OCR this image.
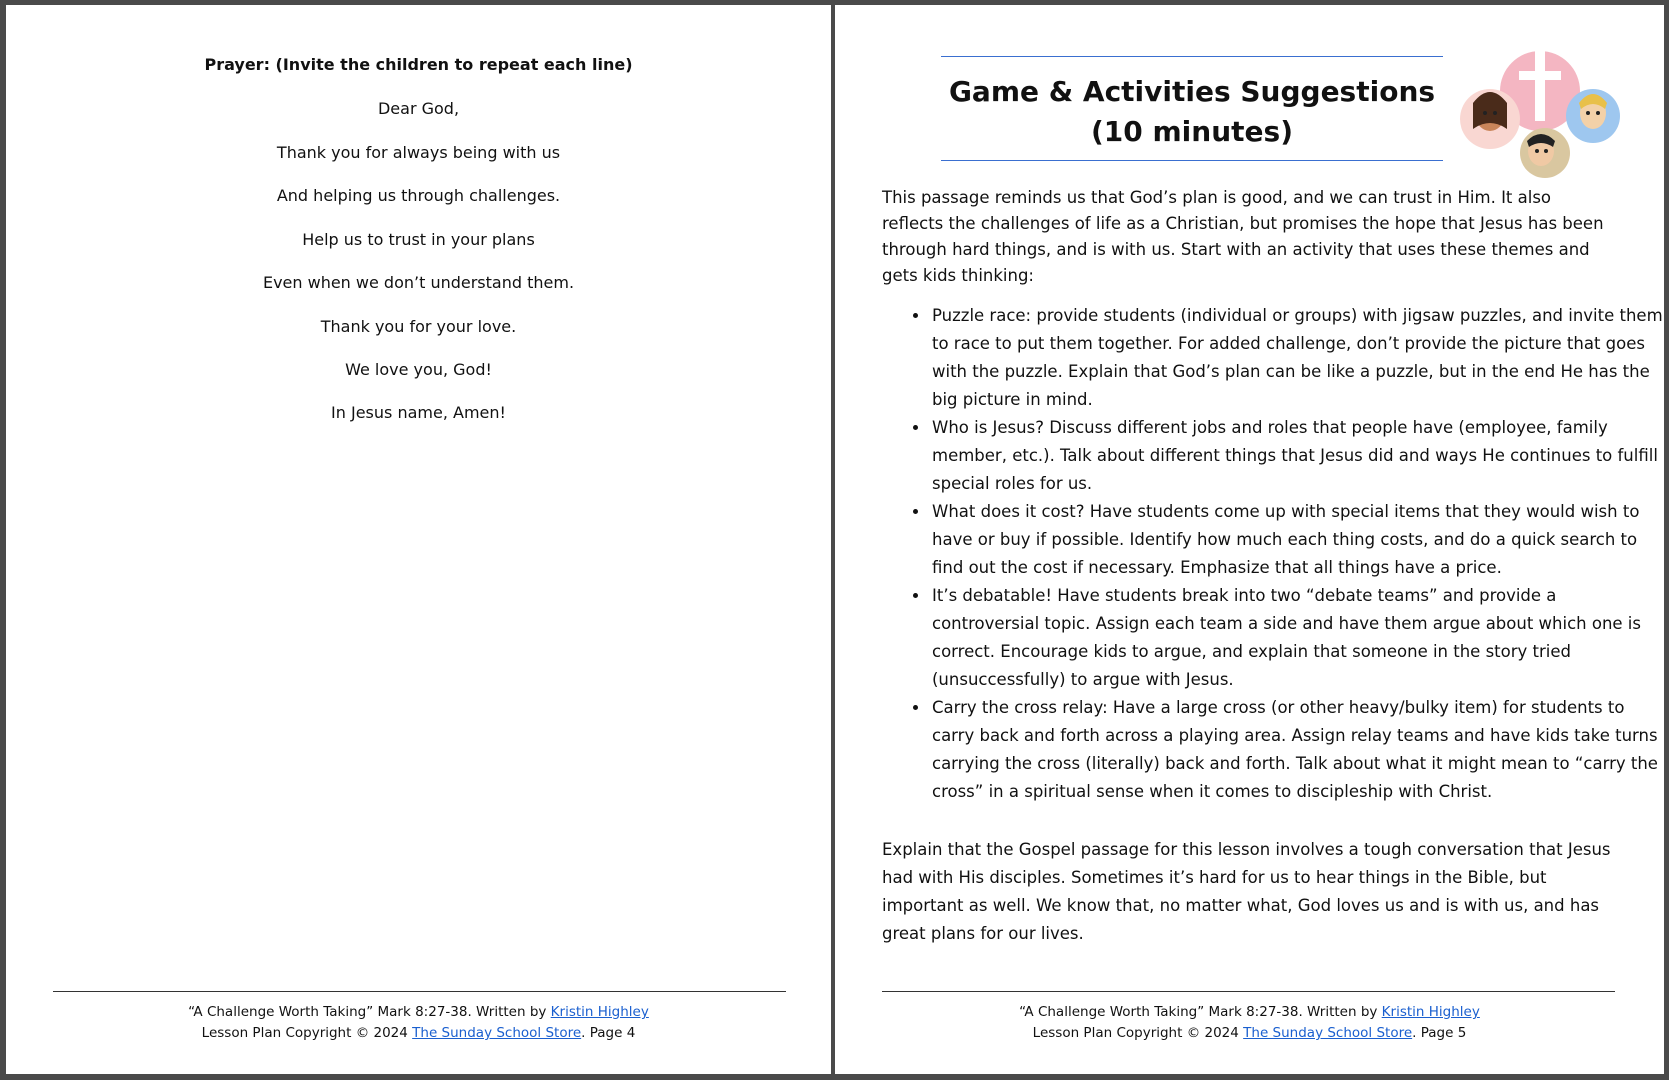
Prayer: (Invite the children to repeat each line)

Dear God,

Thank you for always being with us

And helping us through challenges.

Help us to trust in your plans

Even when we don’t understand them.

Thank you for your love.

We love you, God!

In Jesus name, Amen!

“A Challenge Worth Taking” Mark 8:27-38. Written by Kristin Highley
Lesson Plan Copyright © 2024 The Sunday School Store. Page 4

Game & Activities Suggestions
(10 minutes)

This passage reminds us that God’s plan is good, and we can trust in Him. It also reflects the challenges of life as a Christian, but promises the hope that Jesus has been through hard things, and is with us. Start with an activity that uses these themes and gets kids thinking:

• Puzzle race: provide students (individual or groups) with jigsaw puzzles, and invite them to race to put them together. For added challenge, don’t provide the picture that goes with the puzzle. Explain that God’s plan can be like a puzzle, but in the end He has the big picture in mind.
• Who is Jesus? Discuss different jobs and roles that people have (employee, family member, etc.). Talk about different things that Jesus did and ways He continues to fulfill special roles for us.
• What does it cost? Have students come up with special items that they would wish to have or buy if possible. Identify how much each thing costs, and do a quick search to find out the cost if necessary. Emphasize that all things have a price.
• It’s debatable! Have students break into two “debate teams” and provide a controversial topic. Assign each team a side and have them argue about which one is correct. Encourage kids to argue, and explain that someone in the story tried (unsuccessfully) to argue with Jesus.
• Carry the cross relay: Have a large cross (or other heavy/bulky item) for students to carry back and forth across a playing area. Assign relay teams and have kids take turns carrying the cross (literally) back and forth. Talk about what it might mean to “carry the cross” in a spiritual sense when it comes to discipleship with Christ.

Explain that the Gospel passage for this lesson involves a tough conversation that Jesus had with His disciples. Sometimes it’s hard for us to hear things in the Bible, but important as well. We know that, no matter what, God loves us and is with us, and has great plans for our lives.

“A Challenge Worth Taking” Mark 8:27-38. Written by Kristin Highley
Lesson Plan Copyright © 2024 The Sunday School Store. Page 5
